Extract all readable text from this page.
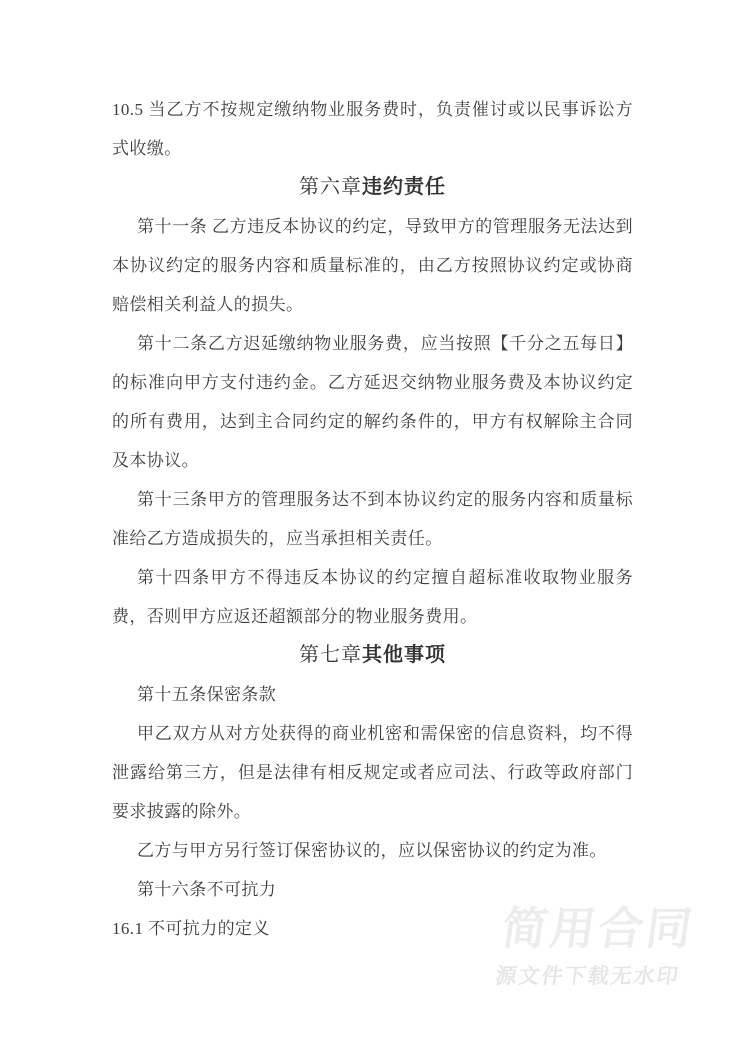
10.5 当乙方不按规定缴纳物业服务费时，负责催讨或以民事诉讼方式收缴。

第六章违约责任

第十一条 乙方违反本协议的约定，导致甲方的管理服务无法达到本协议约定的服务内容和质量标准的，由乙方按照协议约定或协商赔偿相关利益人的损失。

第十二条乙方迟延缴纳物业服务费，应当按照【千分之五每日】的标准向甲方支付违约金。乙方延迟交纳物业服务费及本协议约定的所有费用，达到主合同约定的解约条件的，甲方有权解除主合同及本协议。

第十三条甲方的管理服务达不到本协议约定的服务内容和质量标准给乙方造成损失的，应当承担相关责任。

第十四条甲方不得违反本协议的约定擅自超标准收取物业服务费，否则甲方应返还超额部分的物业服务费用。

第七章其他事项

第十五条保密条款

甲乙双方从对方处获得的商业机密和需保密的信息资料，均不得泄露给第三方，但是法律有相反规定或者应司法、行政等政府部门要求披露的除外。

乙方与甲方另行签订保密协议的，应以保密协议的约定为准。

第十六条不可抗力

16.1 不可抗力的定义	简用合同
源文件下载无水印
